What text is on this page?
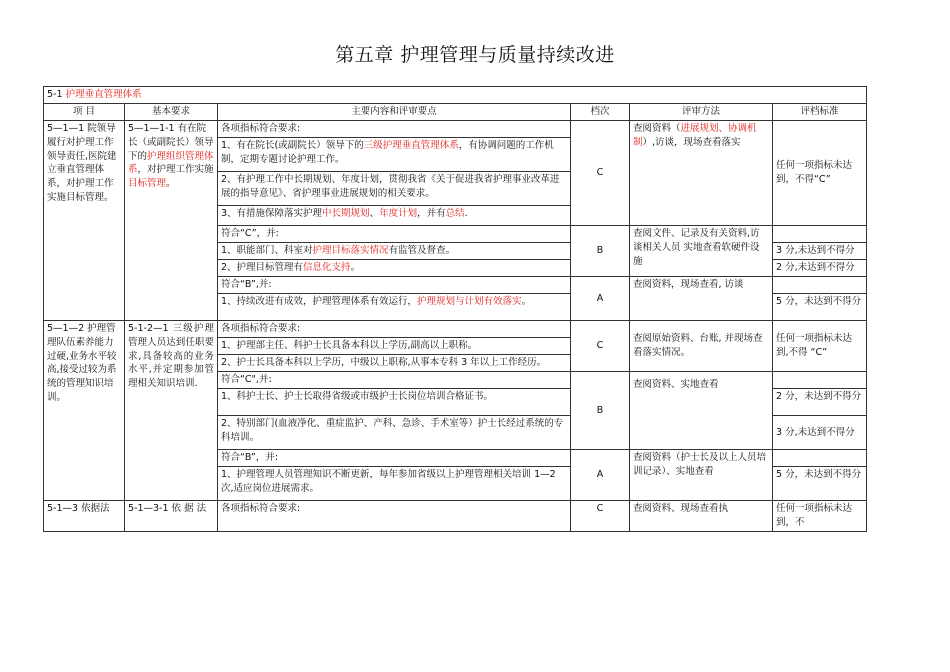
第五章 护理管理与质量持续改进
5-1 护理垂直管理体系					
项 目	基本要求	主要内容和评审要点	档次	评审方法	评档标准
5—1—1 院领导履行对护理工作领导责任,医院建立垂直管理体系，对护理工作实施目标管理。	5—1—1-1 有在院长（或副院长）领导下的护理组织管理体系，对护理工作实施目标管理。	各项指标符合要求:	C	查阅资料（进展规划、协调机制）,访谈，现场查看落实	任何一项指标未达到，不得“C”
		1、有在院长(或副院长）领导下的三级护理垂直管理体系，有协调问题的工作机制，定期专题讨论护理工作。			
		2、有护理工作中长期规划、年度计划，贯彻我省《关于促进我省护理事业改革进展的指导意见》、省护理事业进展规划的相关要求。			
		3、有措施保障落实护理中长期规划、年度计划，并有总结.			
		符合“C”，并:	B	查阅文件、记录及有关资料,访谈相关人员 实地查看软硬件设施	
		1、职能部门、科室对护理目标落实情况有监管及督查。			3 分,未达到不得分
		2、护理目标管理有信息化支持。			2 分,未达到不得分
		符合“B”,并:	A	查阅资料，现场查看, 访谈	
		1、持续改进有成效，护理管理体系有效运行，护理规划与计划有效落实。			5 分，未达到不得分
5—1—2 护理管理队伍素养能力过硬,业务水平较高,接受过较为系统的管理知识培训。	5-1-2—1 三级护理管理人员达到任职要求,具备较高的业务水平,并定期参加管理相关知识培训.	各项指标符合要求:	C	查阅原始资料、台账, 并现场查看落实情况。	任何一项指标未达到,不得 “C”
		1、护理部主任、科护士长具备本科以上学历,副高以上职称。			
		2、护士长具备本科以上学历，中级以上职称,从事本专科 3 年以上工作经历。			
		符合“C",并:	B	查阅资料、实地查看	
		1、科护士长、护士长取得省级或市级护士长岗位培训合格证书。			2 分，未达到不得分
		2、特别部门(血液净化、重症监护、产科、急诊、手术室等）护士长经过系统的专科培训。			3 分,未达到不得分
		符合“B”，并:	A	查阅资料（护士长及以上人员培训记录）、实地查看	
		1、护理管理人员管理知识不断更新，每年参加省级以上护理管理相关培训 1—2 次,适应岗位进展需求。			5 分，未达到不得分
5-1—3 依据法	5-1—3-1 依 据 法	各项指标符合要求:	C	查阅资料、现场查看执	任何一项指标未达到，不
